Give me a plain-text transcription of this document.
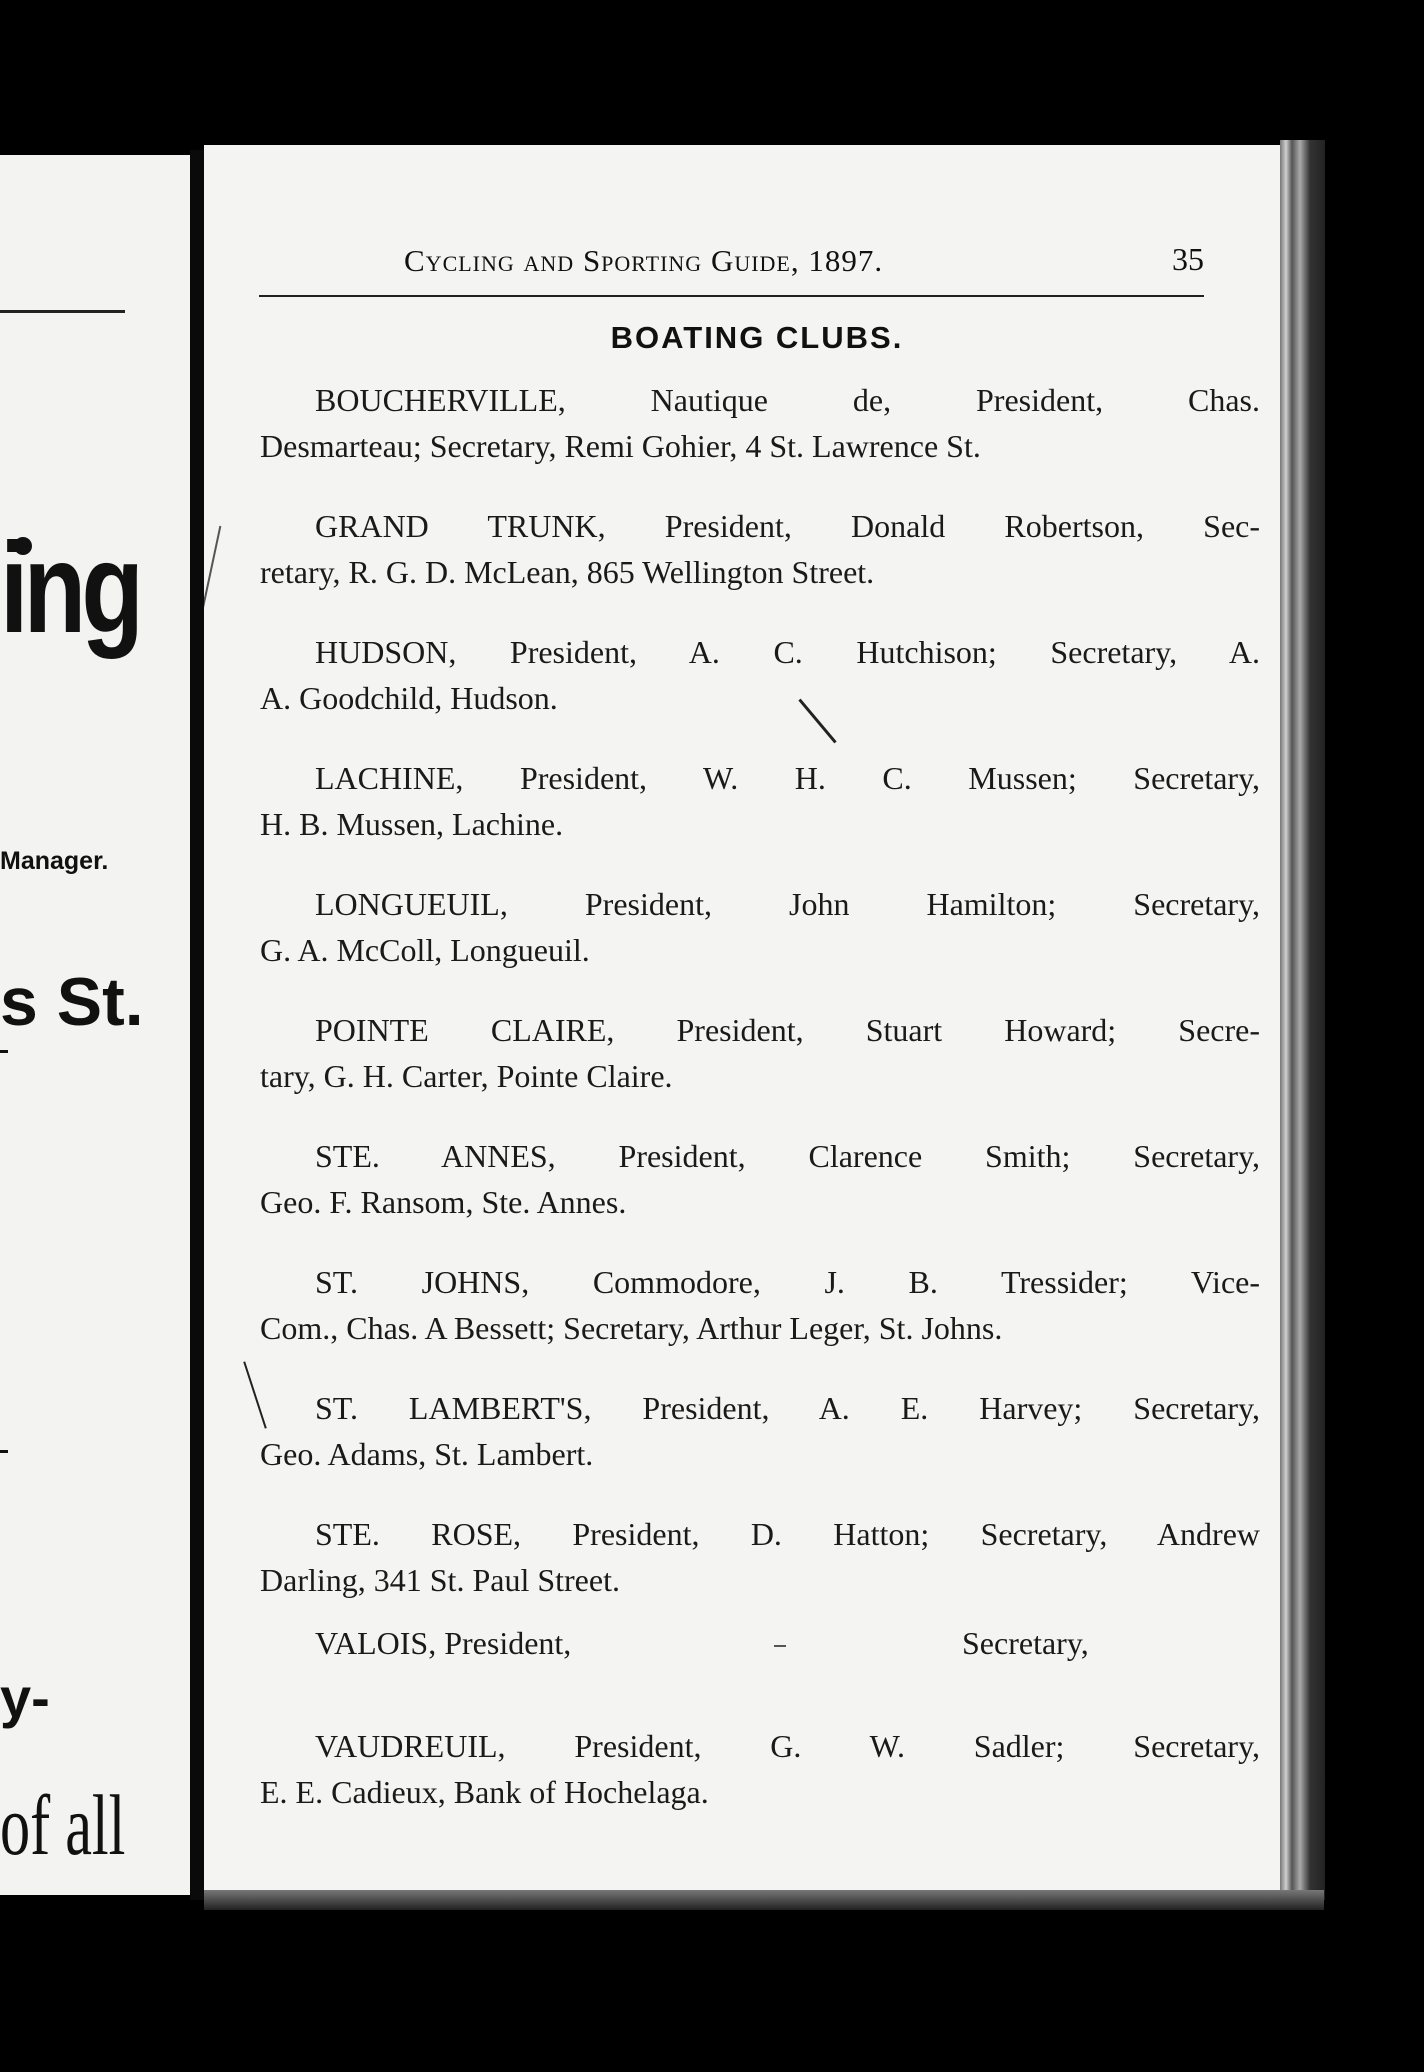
ing
Manager.
s St.
y-
of all
Cycling and Sporting Guide, 1897.	35
BOATING CLUBS.
BOUCHERVILLE, Nautique de, President, Chas.
Desmarteau; Secretary, Remi Gohier, 4 St. Lawrence St.
GRAND TRUNK, President, Donald Robertson, Sec-
retary, R. G. D. McLean, 865 Wellington Street.
HUDSON, President, A. C. Hutchison; Secretary, A.
A. Goodchild, Hudson.
LACHINE, President, W. H. C. Mussen; Secretary,
H. B. Mussen, Lachine.
LONGUEUIL, President, John Hamilton; Secretary,
G. A. McColl, Longueuil.
POINTE CLAIRE, President, Stuart Howard; Secre-
tary, G. H. Carter, Pointe Claire.
STE. ANNES, President, Clarence Smith; Secretary,
Geo. F. Ransom, Ste. Annes.
ST. JOHNS, Commodore, J. B. Tressider; Vice-
Com., Chas. A Bessett; Secretary, Arthur Leger, St. Johns.
ST. LAMBERT'S, President, A. E. Harvey; Secretary,
Geo. Adams, St. Lambert.
STE. ROSE, President, D. Hatton; Secretary, Andrew
Darling, 341 St. Paul Street.
VALOIS, President,	Secretary,
VAUDREUIL, President, G. W. Sadler; Secretary,
E. E. Cadieux, Bank of Hochelaga.
